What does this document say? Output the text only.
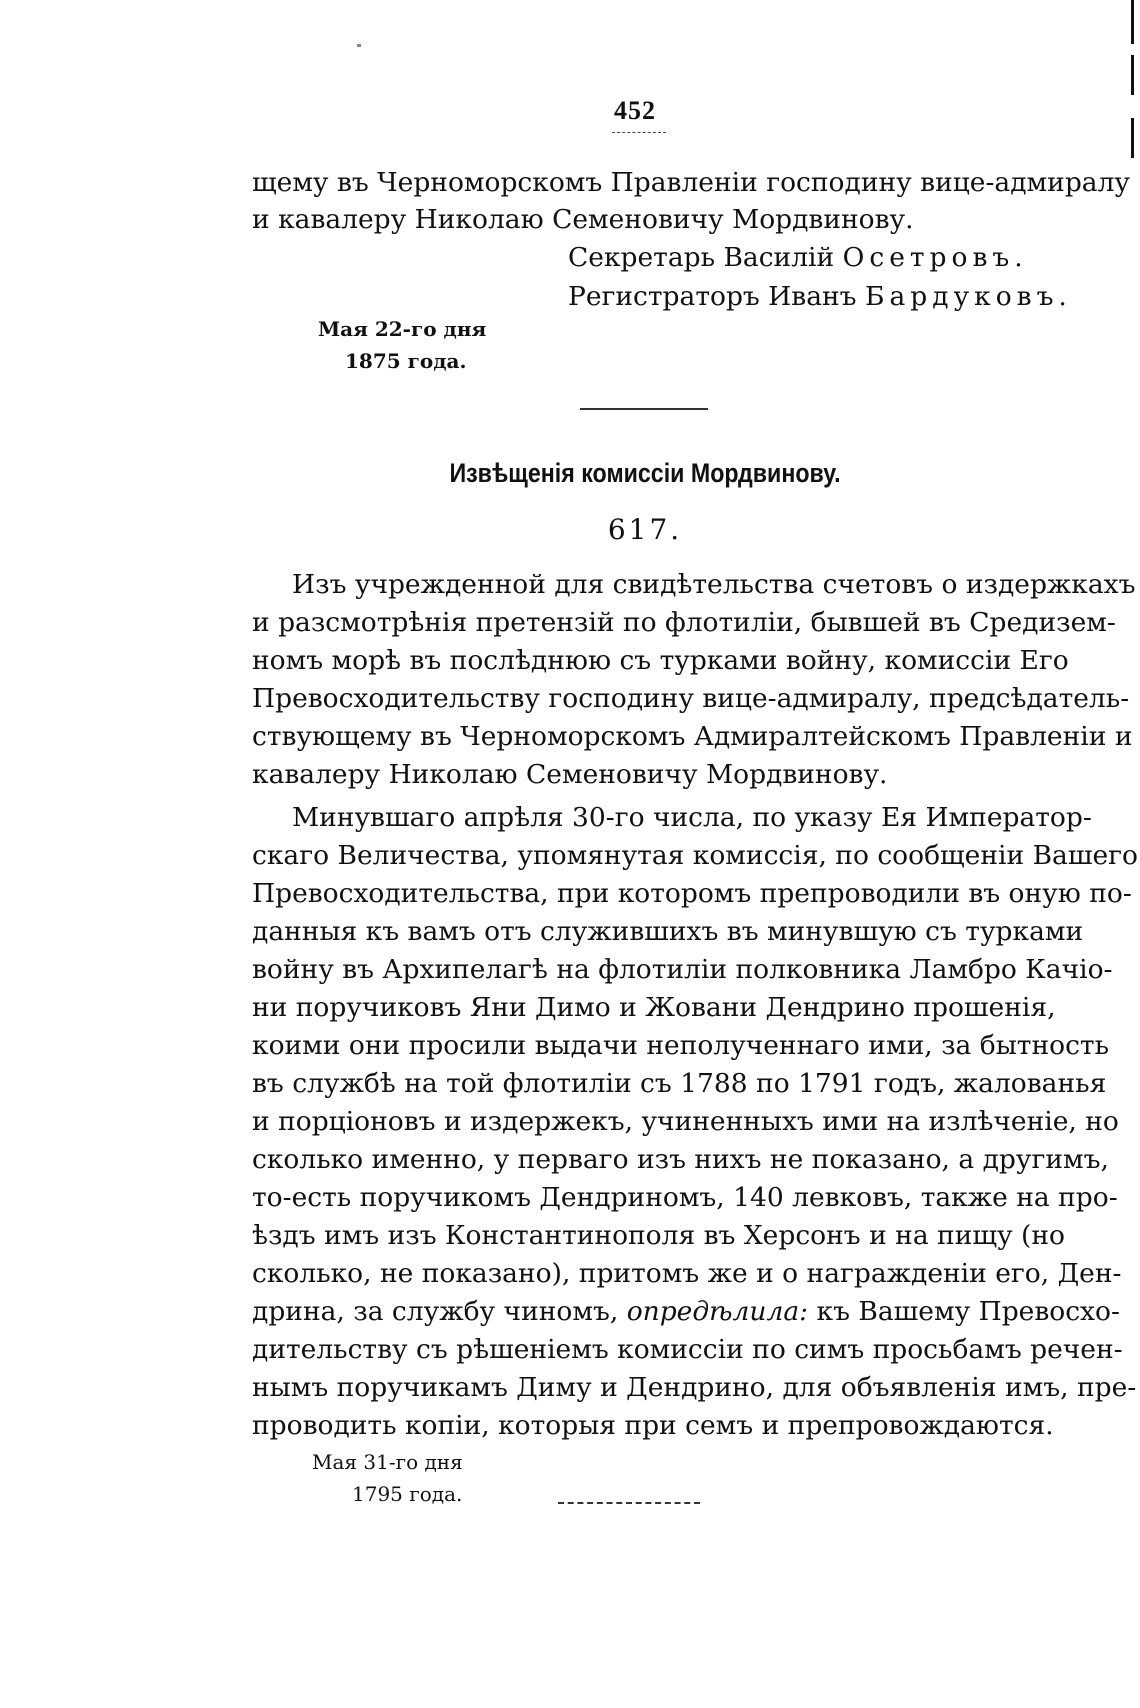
452
щему въ Черноморскомъ Правленіи господину вице-адмиралу
и кавалеру Николаю Семеновичу Мордвинову.
Секретарь Василій Осетровъ.
Регистраторъ Иванъ Бардуковъ.
Мая 22-го дня
1875 года.
Извѣщенія комиссіи Мордвинову.
617.
Изъ учрежденной для свидѣтельства счетовъ о издержкахъ
и разсмотрѣнія претензій по флотиліи, бывшей въ Средизем-
номъ морѣ въ послѣднюю съ турками войну, комиссіи Его
Превосходительству господину вице-адмиралу, предсѣдатель-
ствующему въ Черноморскомъ Адмиралтейскомъ Правленіи и
кавалеру Николаю Семеновичу Мордвинову.
Минувшаго апрѣля 30-го числа, по указу Ея Император-
скаго Величества, упомянутая комиссія, по сообщеніи Вашего
Превосходительства, при которомъ препроводили въ оную по-
данныя къ вамъ отъ служившихъ въ минувшую съ турками
войну въ Архипелагѣ на флотиліи полковника Ламбро Качіо-
ни поручиковъ Яни Димо и Жовани Дендрино прошенія,
коими они просили выдачи неполученнаго ими, за бытность
въ службѣ на той флотиліи съ 1788 по 1791 годъ, жалованья
и порціоновъ и издержекъ, учиненныхъ ими на излѣченіе, но
сколько именно, у перваго изъ нихъ не показано, а другимъ,
то-есть поручикомъ Дендриномъ, 140 левковъ, также на про-
ѣздъ имъ изъ Константинополя въ Херсонъ и на пищу (но
сколько, не показано), притомъ же и о награжденіи его, Ден-
дрина, за службу чиномъ, опредѣлила: къ Вашему Превосхо-
дительству съ рѣшеніемъ комиссіи по симъ просьбамъ речен-
нымъ поручикамъ Диму и Дендрино, для объявленія имъ, пре-
проводить копіи, которыя при семъ и препровождаются.
Мая 31-го дня
1795 года.
